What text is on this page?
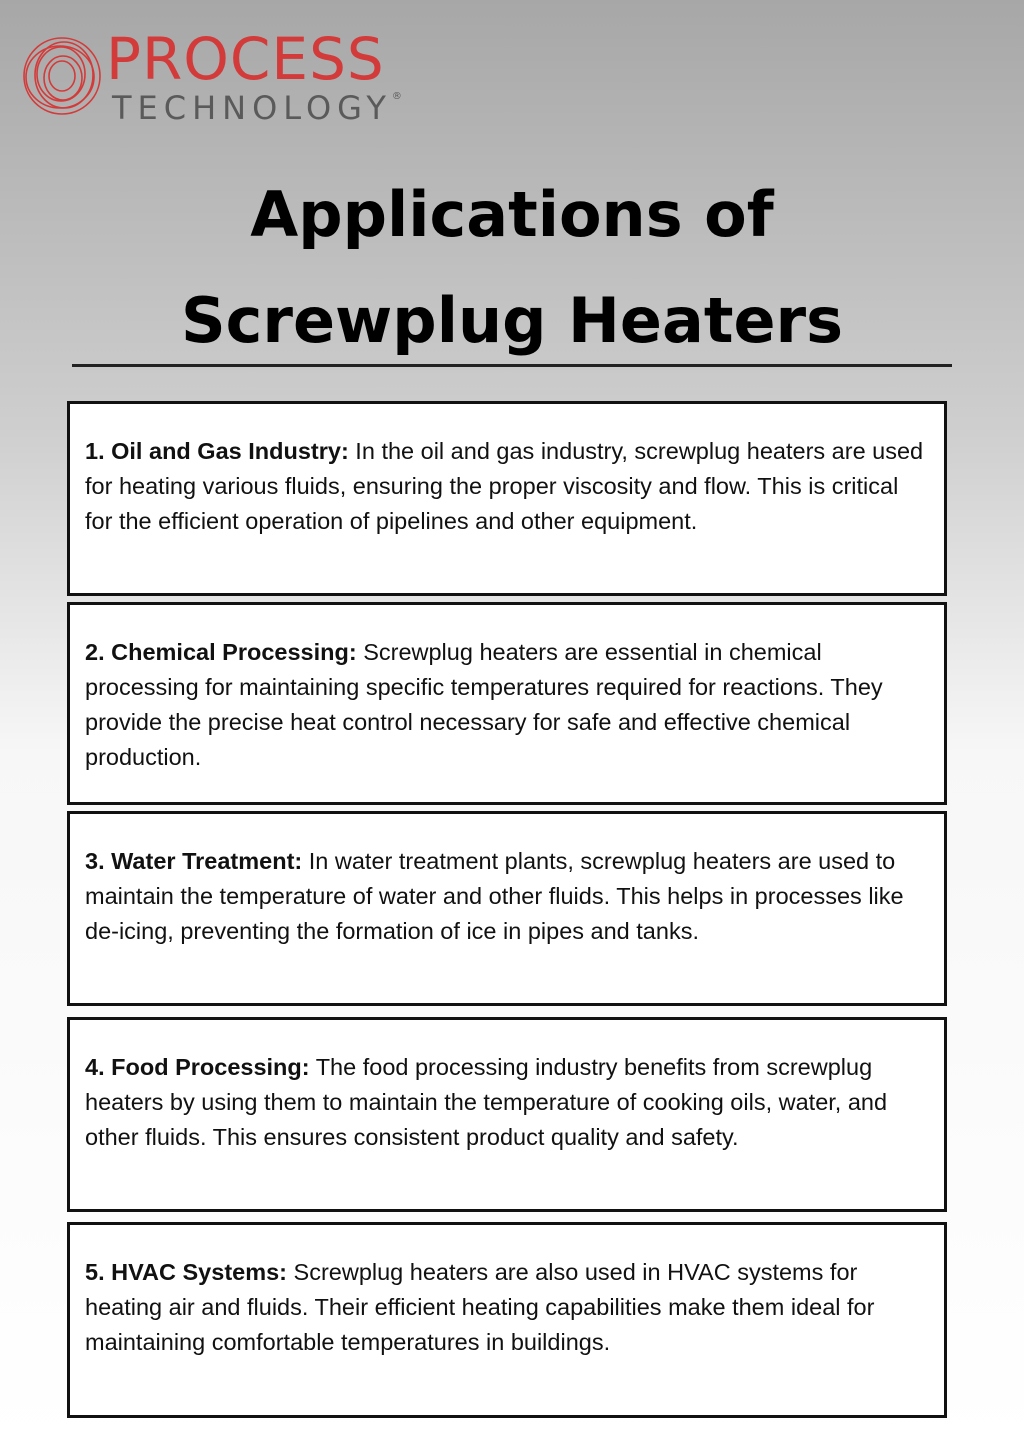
PROCESS
TECHNOLOGY®
Applications of
Screwplug Heaters

1. Oil and Gas Industry: In the oil and gas industry, screwplug heaters are used for heating various fluids, ensuring the proper viscosity and flow. This is critical for the efficient operation of pipelines and other equipment.

2. Chemical Processing: Screwplug heaters are essential in chemical processing for maintaining specific temperatures required for reactions. They provide the precise heat control necessary for safe and effective chemical production.

3. Water Treatment: In water treatment plants, screwplug heaters are used to maintain the temperature of water and other fluids. This helps in processes like de-icing, preventing the formation of ice in pipes and tanks.

4. Food Processing: The food processing industry benefits from screwplug heaters by using them to maintain the temperature of cooking oils, water, and other fluids. This ensures consistent product quality and safety.

5. HVAC Systems: Screwplug heaters are also used in HVAC systems for heating air and fluids. Their efficient heating capabilities make them ideal for maintaining comfortable temperatures in buildings.
